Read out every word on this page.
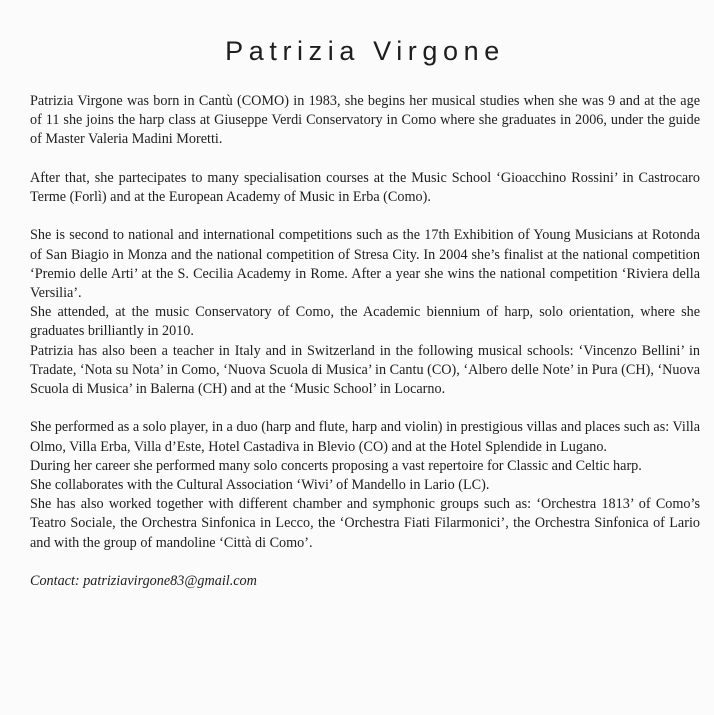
Patrizia Virgone

Patrizia Virgone was born in Cantù (COMO) in 1983, she begins her musical studies when she was 9 and at the age of 11 she joins the harp class at Giuseppe Verdi Conservatory in Como where she graduates in 2006, under the guide of Master Valeria Madini Moretti.

After that, she partecipates to many specialisation courses at the Music School ‘Gioacchino Rossini’ in Castrocaro Terme (Forlì) and at the European Academy of Music in Erba (Como).

She is second to national and international competitions such as the 17th Exhibition of Young Musicians at Rotonda of San Biagio in Monza and the national competition of Stresa City. In 2004 she’s finalist at the national competition ‘Premio delle Arti’ at the S. Cecilia Academy in Rome. After a year she wins the national competition ‘Riviera della Versilia’.

She attended, at the music Conservatory of Como, the Academic biennium of harp, solo orientation, where she graduates brilliantly in 2010.

Patrizia has also been a teacher in Italy and in Switzerland in the following musical schools: ‘Vincenzo Bellini’ in Tradate, ‘Nota su Nota’ in Como, ‘Nuova Scuola di Musica’ in Cantu (CO), ‘Albero delle Note’ in Pura (CH), ‘Nuova Scuola di Musica’ in Balerna (CH) and at the ‘Music School’ in Locarno.

She performed as a solo player, in a duo (harp and flute, harp and violin) in prestigious villas and places such as: Villa Olmo, Villa Erba, Villa d’Este, Hotel Castadiva in Blevio (CO) and at the Hotel Splendide in Lugano.

During her career she performed many solo concerts proposing a vast repertoire for Classic and Celtic harp.

She collaborates with the Cultural Association ‘Wivi’ of Mandello in Lario (LC).

She has also worked together with different chamber and symphonic groups such as: ‘Orchestra 1813’ of Como’s Teatro Sociale, the Orchestra Sinfonica in Lecco, the ‘Orchestra Fiati Filarmonici’, the Orchestra Sinfonica of Lario and with the group of mandoline ‘Città di Como’.

Contact: patriziavirgone83@gmail.com
